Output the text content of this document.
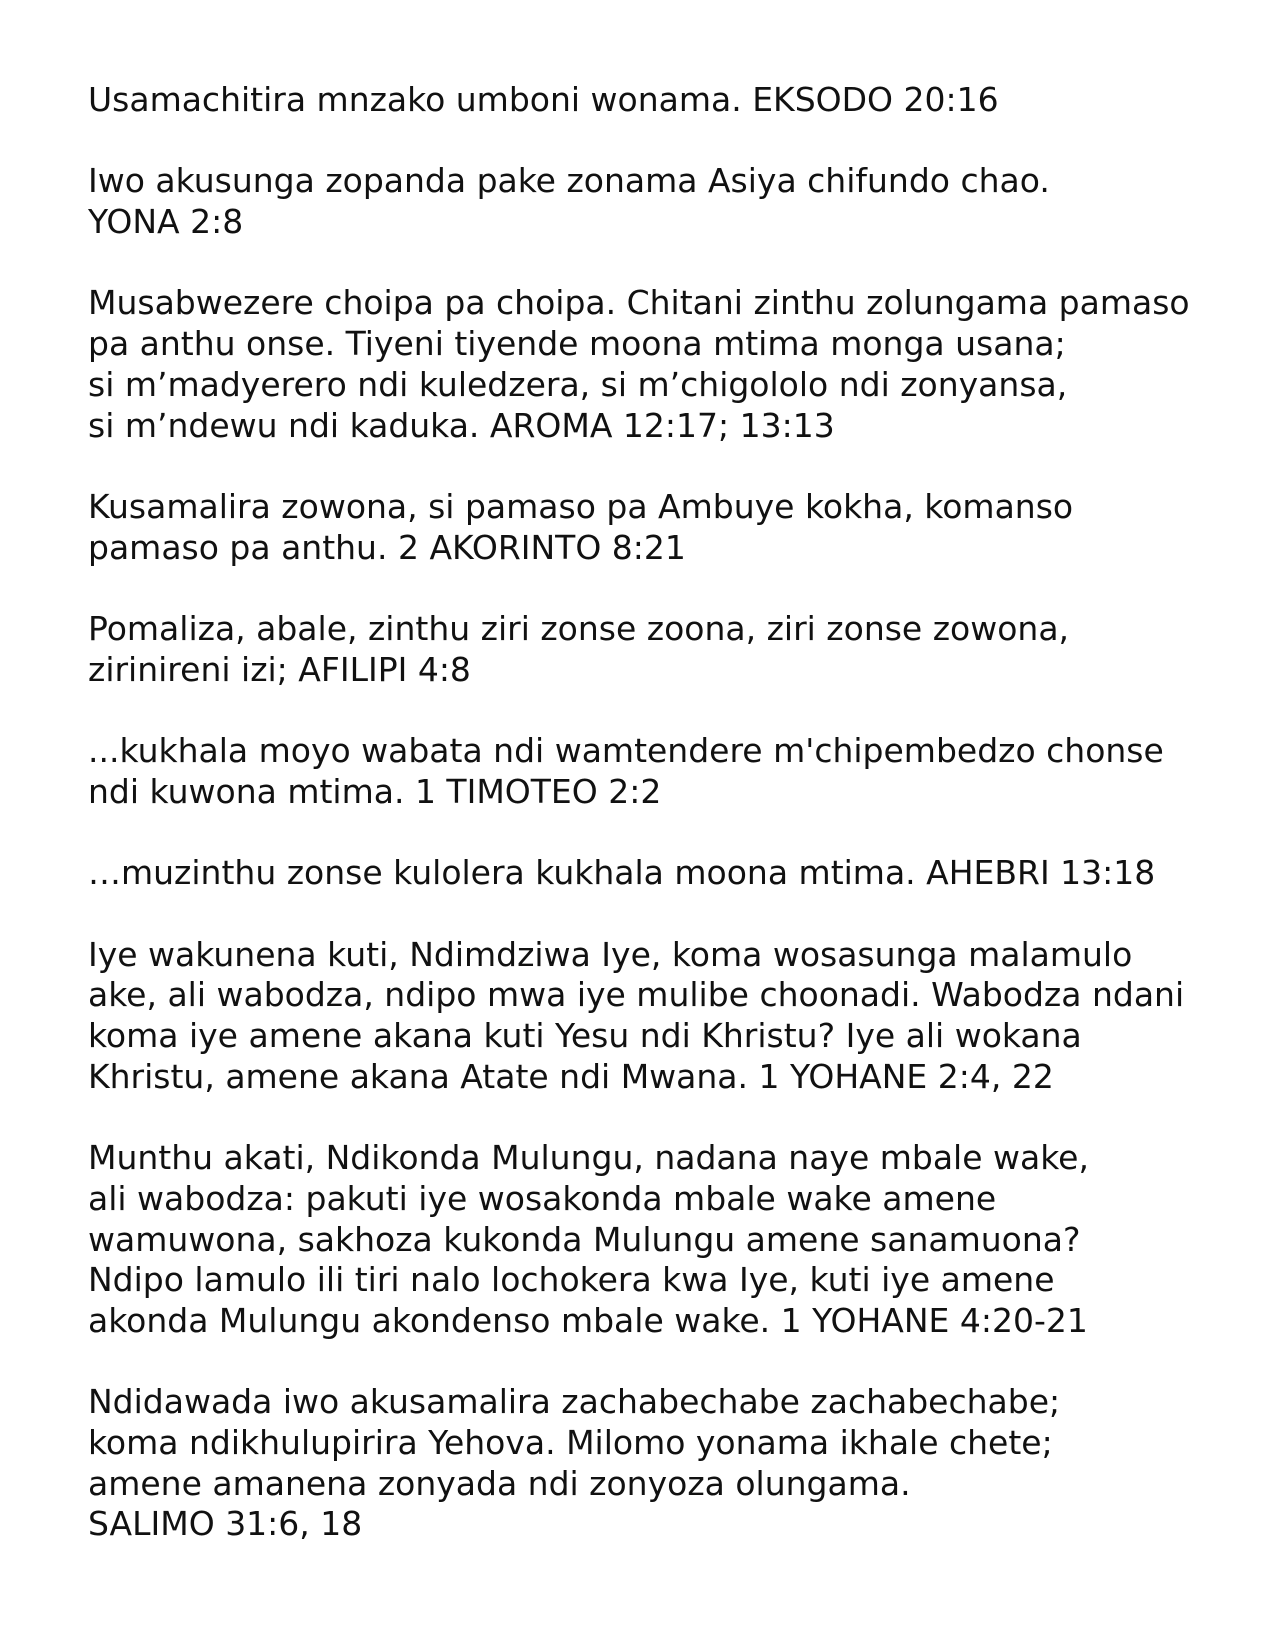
Usamachitira mnzako umboni wonama. EKSODO 20:16

Iwo akusunga zopanda pake zonama Asiya chifundo chao.
YONA 2:8

Musabwezere choipa pa choipa. Chitani zinthu zolungama pamaso
pa anthu onse. Tiyeni tiyende moona mtima monga usana;
si m’madyerero ndi kuledzera, si m’chigololo ndi zonyansa,
si m’ndewu ndi kaduka. AROMA 12:17; 13:13

Kusamalira zowona, si pamaso pa Ambuye kokha, komanso
pamaso pa anthu. 2 AKORINTO 8:21

Pomaliza, abale, zinthu ziri zonse zoona, ziri zonse zowona,
zirinireni izi; AFILIPI 4:8

...kukhala moyo wabata ndi wamtendere m'chipembedzo chonse
ndi kuwona mtima. 1 TIMOTEO 2:2

…muzinthu zonse kulolera kukhala moona mtima. AHEBRI 13:18

Iye wakunena kuti, Ndimdziwa Iye, koma wosasunga malamulo
ake, ali wabodza, ndipo mwa iye mulibe choonadi. Wabodza ndani
koma iye amene akana kuti Yesu ndi Khristu? Iye ali wokana
Khristu, amene akana Atate ndi Mwana. 1 YOHANE 2:4, 22

Munthu akati, Ndikonda Mulungu, nadana naye mbale wake,
ali wabodza: pakuti iye wosakonda mbale wake amene
wamuwona, sakhoza kukonda Mulungu amene sanamuona?
Ndipo lamulo ili tiri nalo lochokera kwa Iye, kuti iye amene
akonda Mulungu akondenso mbale wake. 1 YOHANE 4:20-21

Ndidawada iwo akusamalira zachabechabe zachabechabe;
koma ndikhulupirira Yehova. Milomo yonama ikhale chete;
amene amanena zonyada ndi zonyoza olungama.
SALIMO 31:6, 18
